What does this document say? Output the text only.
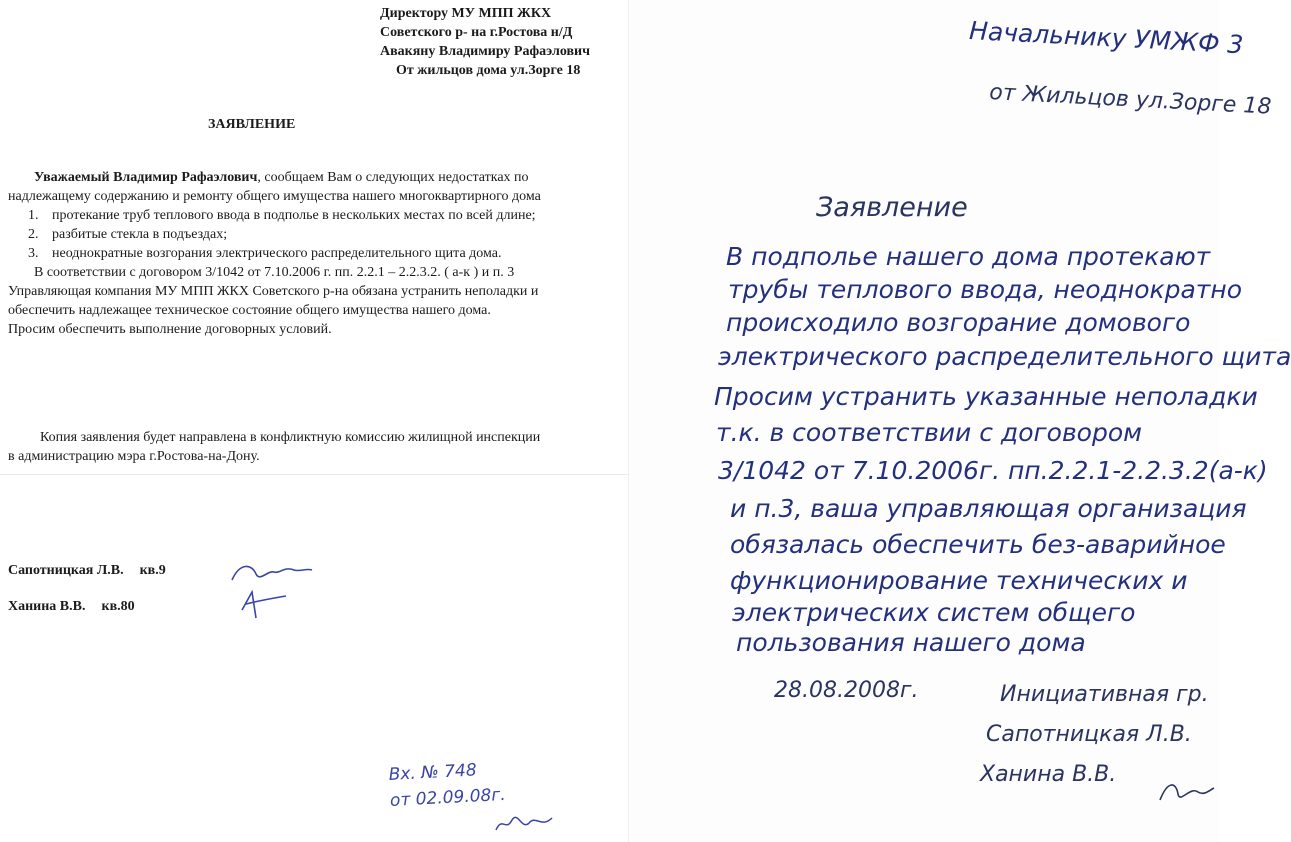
Директору МУ МПП ЖКХ
Советского р- на г.Ростова н/Д
Авакяну Владимиру Рафаэлович
От жильцов дома ул.Зорге 18
ЗАЯВЛЕНИЕ
Уважаемый Владимир Рафаэлович, сообщаем Вам о следующих недостатках по
надлежащему содержанию и ремонту общего имущества нашего многоквартирного дома
1. протекание труб теплового ввода в подполье в нескольких местах по всей длине;
2. разбитые стекла в подъездах;
3. неоднократные возгорания электрического распределительного щита дома.
В соответствии с договором 3/1042 от 7.10.2006 г. пп. 2.2.1 – 2.2.3.2. ( а-к ) и п. 3
Управляющая компания МУ МПП ЖКХ Советского р-на обязана устранить неполадки и
обеспечить надлежащее техническое состояние общего имущества нашего дома.
Просим обеспечить выполнение договорных условий.
Копия заявления будет направлена в конфликтную комиссию жилищной инспекции
в администрацию мэра г.Ростова-на-Дону.
Сапотницкая Л.В. кв.9
Ханина В.В. кв.80
Вх. № 748
от 02.09.08г.
Начальнику УМЖФ 3
от Жильцов ул.Зорге 18
Заявление
В подполье нашего дома протекают
трубы теплового ввода, неоднократно
происходило возгорание домового
электрического распределительного щита
Просим устранить указанные неполадки
т.к. в соответствии с договором
3/1042 от 7.10.2006г. пп.2.2.1-2.2.3.2(а-к)
и п.3, ваша управляющая организация
обязалась обеспечить без-аварийное
функционирование технических и
электрических систем общего
пользования нашего дома
28.08.2008г.	Инициативная гр.
Сапотницкая Л.В.
Ханина В.В.
